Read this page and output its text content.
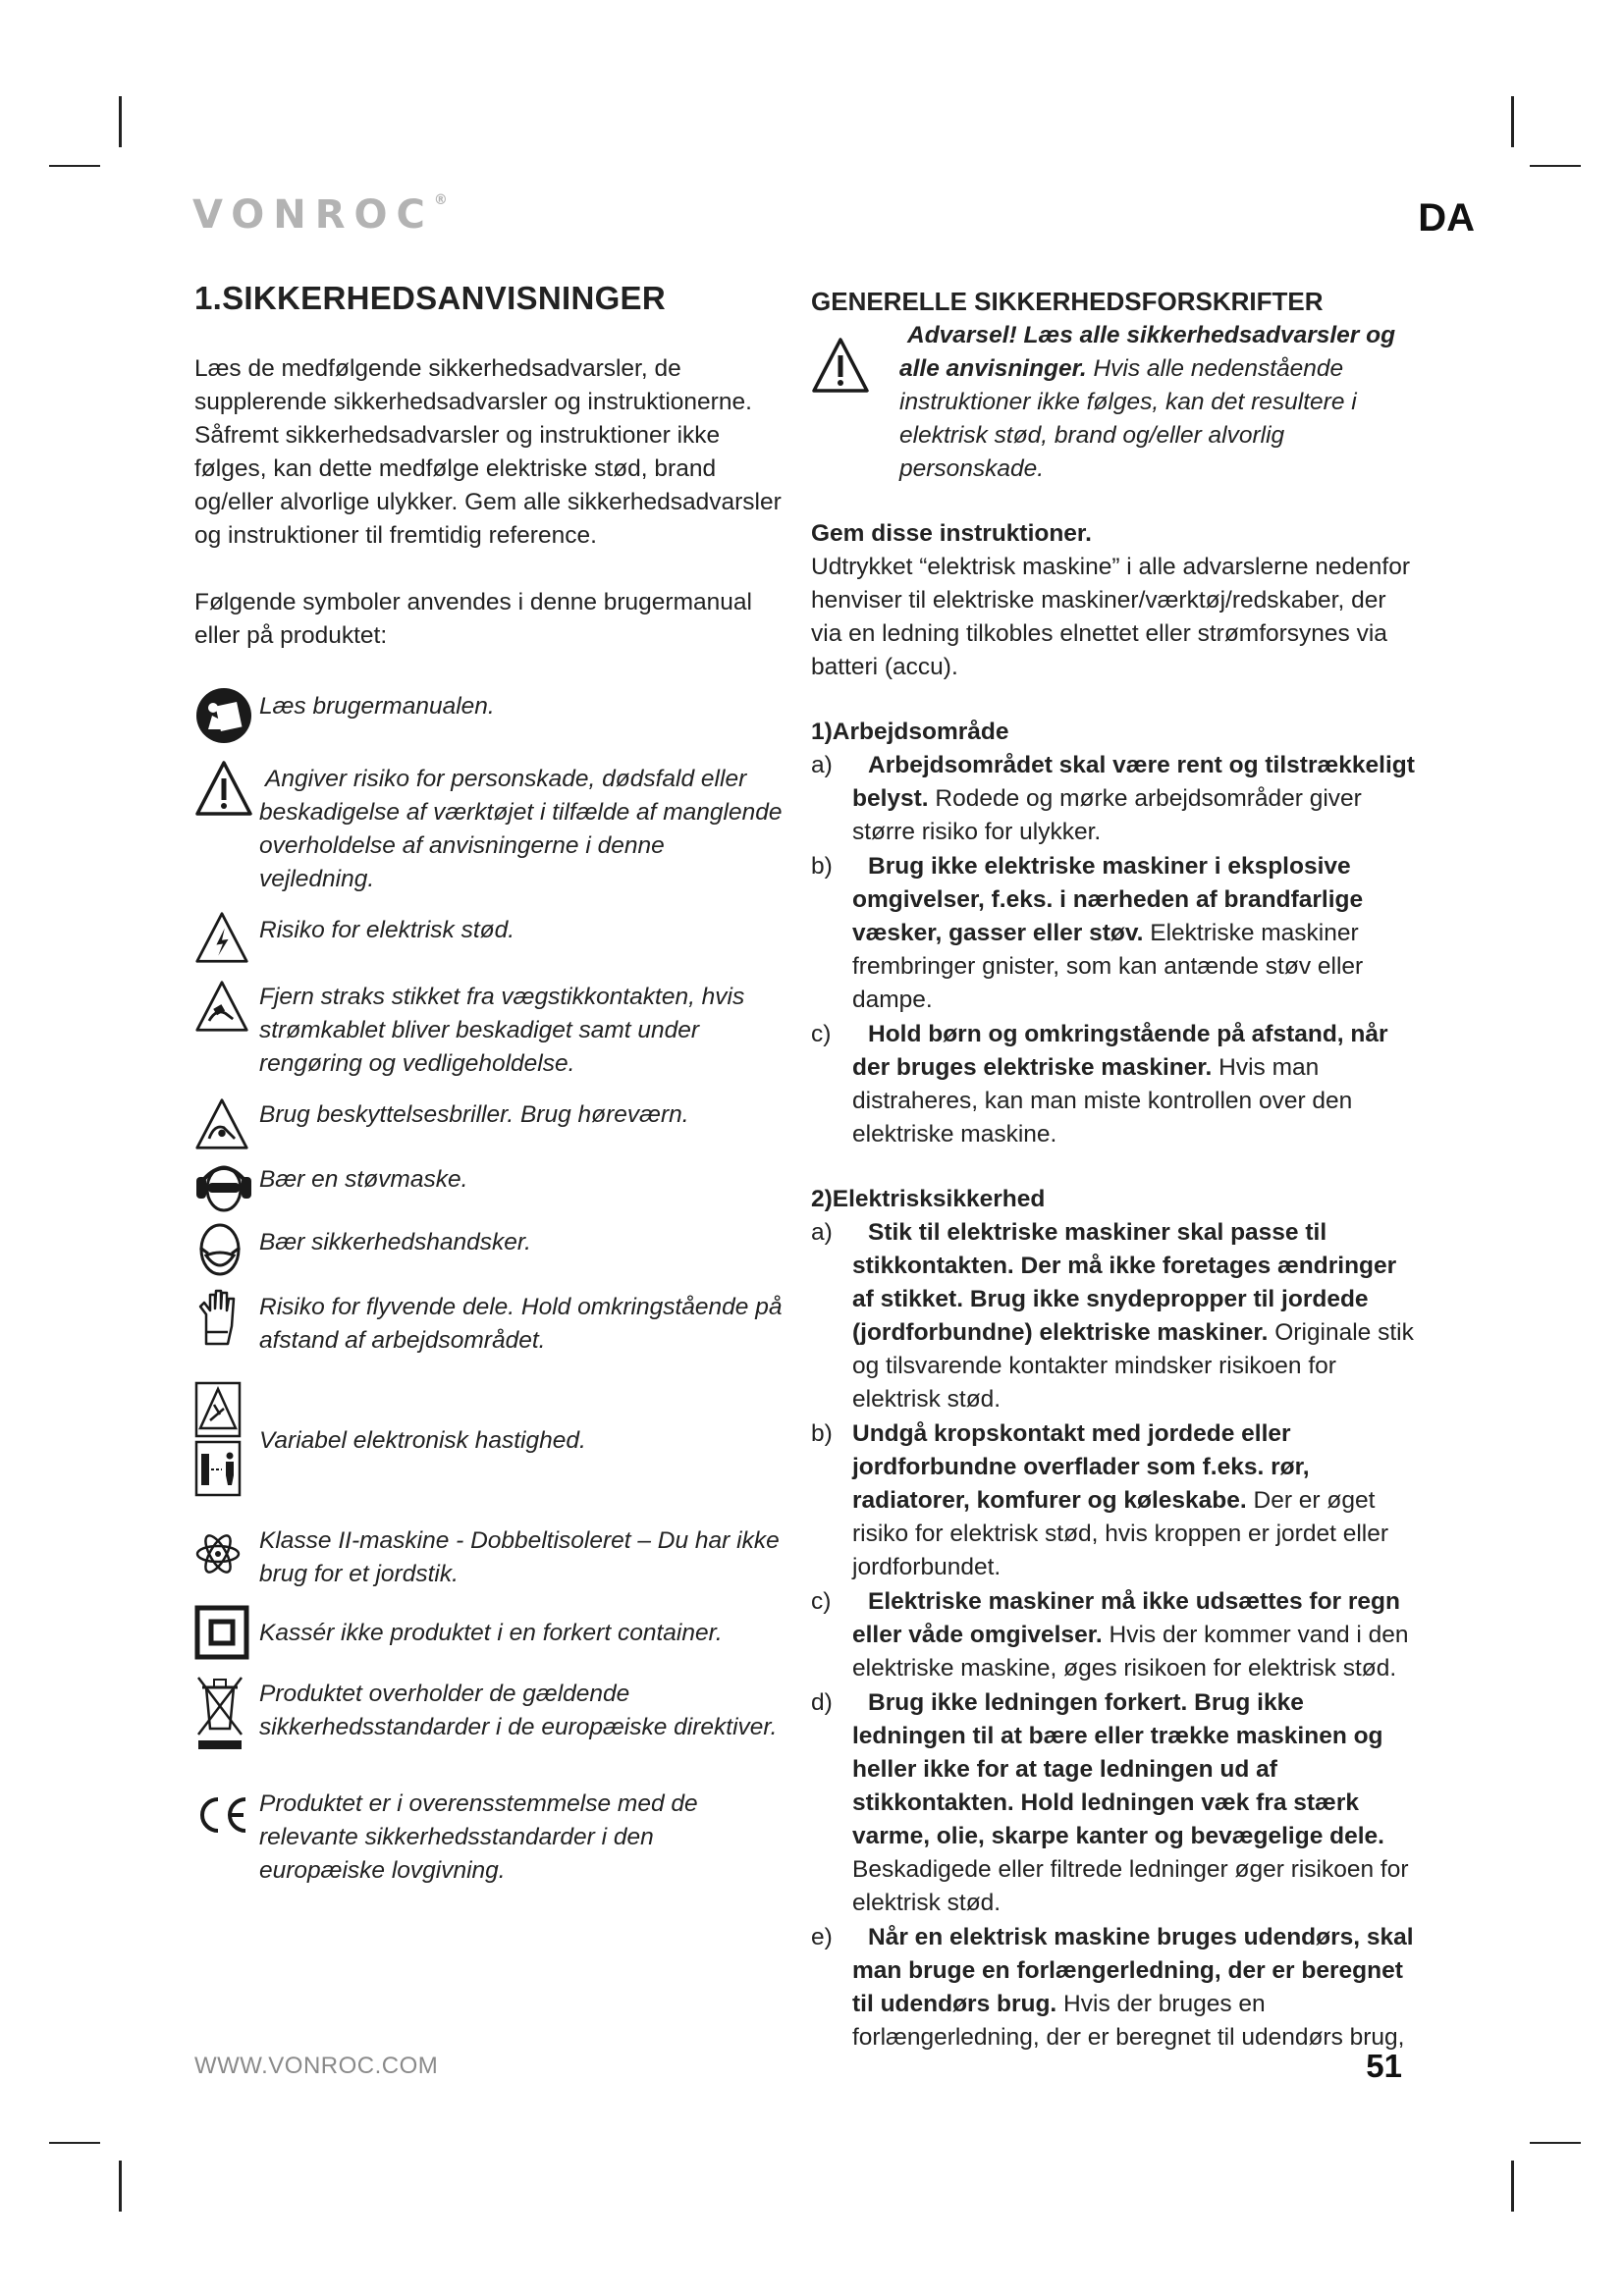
VONROC®	DA
1.SIKKERHEDSANVISNINGER

Læs de medfølgende sikkerhedsadvarsler, de supplerende sikkerhedsadvarsler og instruktionerne. Såfremt sikkerhedsadvarsler og instruktioner ikke følges, kan dette medfølge elektriske stød, brand og/eller alvorlige ulykker. Gem alle sikkerhedsadvarsler og instruktioner til fremtidig reference.

Følgende symboler anvendes i denne brugermanual eller på produktet:

Læs brugermanualen.
Angiver risiko for personskade, dødsfald eller beskadigelse af værktøjet i tilfælde af manglende overholdelse af anvisningerne i denne vejledning.
Risiko for elektrisk stød.
Fjern straks stikket fra vægstikkontakten, hvis strømkablet bliver beskadiget samt under rengøring og vedligeholdelse.
Brug beskyttelsesbriller. Brug høreværn.
Bær en støvmaske.
Bær sikkerhedshandsker.
Risiko for flyvende dele. Hold omkringstående på afstand af arbejdsområdet.
Variabel elektronisk hastighed.
Klasse II-maskine - Dobbeltisoleret – Du har ikke brug for et jordstik.
Kassér ikke produktet i en forkert container.
Produktet overholder de gældende sikkerhedsstandarder i de europæiske direktiver.
Produktet er i overensstemmelse med de relevante sikkerhedsstandarder i den europæiske lovgivning.
GENERELLE SIKKERHEDSFORSKRIFTER
Advarsel! Læs alle sikkerhedsadvarsler og alle anvisninger. Hvis alle nedenstående instruktioner ikke følges, kan det resultere i elektrisk stød, brand og/eller alvorlig personskade.
Gem disse instruktioner.

Udtrykket “elektrisk maskine” i alle advarslerne nedenfor henviser til elektriske maskiner/værktøj/redskaber, der via en ledning tilkobles elnettet eller strømforsynes via batteri (accu).

1)Arbejdsområde
a)	Arbejdsområdet skal være rent og tilstrækkeligt belyst. Rodede og mørke arbejdsområder giver større risiko for ulykker.
b)	Brug ikke elektriske maskiner i eksplosive omgivelser, f.eks. i nærheden af brandfarlige væsker, gasser eller støv. Elektriske maskiner frembringer gnister, som kan antænde støv eller dampe.
c)	Hold børn og omkringstående på afstand, når der bruges elektriske maskiner. Hvis man distraheres, kan man miste kontrollen over den elektriske maskine.
2)Elektrisksikkerhed
a)	Stik til elektriske maskiner skal passe til stikkontakten. Der må ikke foretages ændringer af stikket. Brug ikke snydepropper til jordede (jordforbundne) elektriske maskiner. Originale stik og tilsvarende kontakter mindsker risikoen for elektrisk stød.
b) Undgå kropskontakt med jordede eller jordforbundne overflader som f.eks. rør, radiatorer, komfurer og køleskabe. Der er øget risiko for elektrisk stød, hvis kroppen er jordet eller jordforbundet.
c)	Elektriske maskiner må ikke udsættes for regn eller våde omgivelser. Hvis der kommer vand i den elektriske maskine, øges risikoen for elektrisk stød.
d)	Brug ikke ledningen forkert. Brug ikke ledningen til at bære eller trække maskinen og heller ikke for at tage ledningen ud af stikkontakten. Hold ledningen væk fra stærk varme, olie, skarpe kanter og bevægelige dele. Beskadigede eller filtrede ledninger øger risikoen for elektrisk stød.
e)	Når en elektrisk maskine bruges udendørs, skal man bruge en forlængerledning, der er beregnet til udendørs brug. Hvis der bruges en forlængerledning, der er beregnet til udendørs brug,
WWW.VONROC.COM	51
